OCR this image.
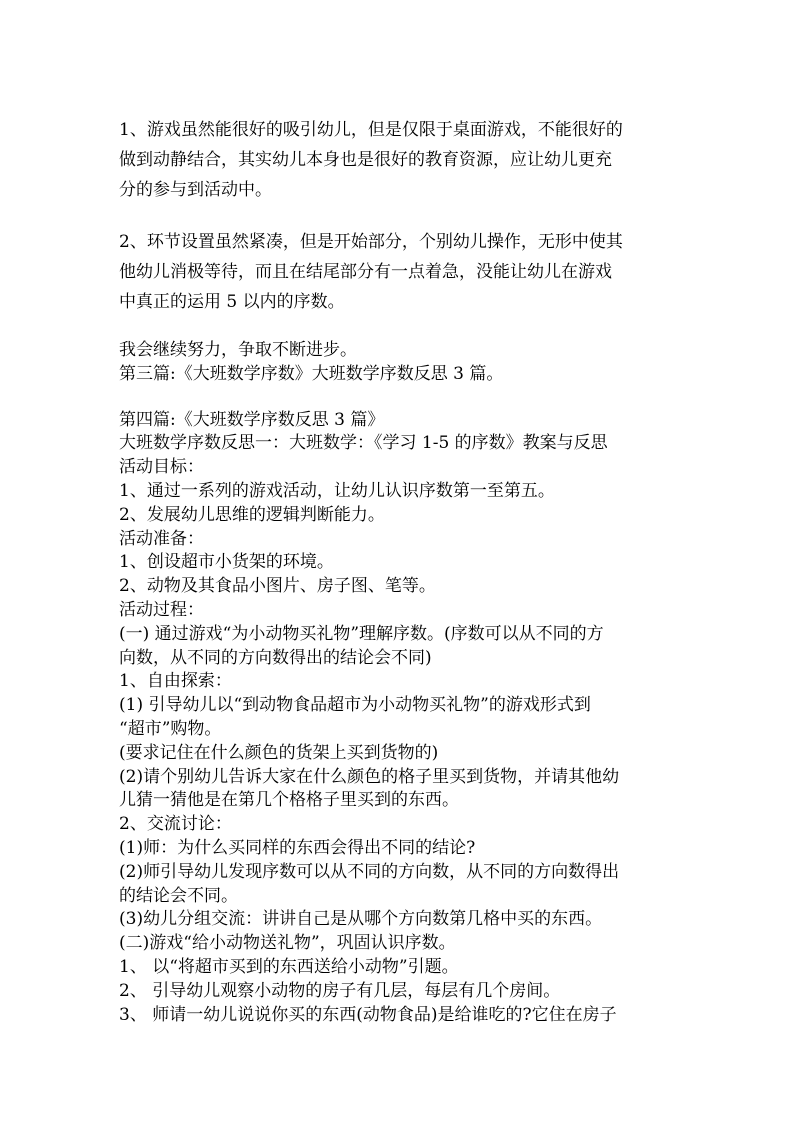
1、游戏虽然能很好的吸引幼儿，但是仅限于桌面游戏，不能很好的

做到动静结合，其实幼儿本身也是很好的教育资源，应让幼儿更充

分的参与到活动中。

2、环节设置虽然紧凑，但是开始部分，个别幼儿操作，无形中使其

他幼儿消极等待，而且在结尾部分有一点着急，没能让幼儿在游戏

中真正的运用 5 以内的序数。

我会继续努力，争取不断进步。

第三篇:《大班数学序数》大班数学序数反思 3 篇。

第四篇:《大班数学序数反思 3 篇》

大班数学序数反思一：大班数学：《学习 1-5 的序数》教案与反思

活动目标：

1、通过一系列的游戏活动，让幼儿认识序数第一至第五。

2、发展幼儿思维的逻辑判断能力。

活动准备：

1、创设超市小货架的环境。

2、动物及其食品小图片、房子图、笔等。

活动过程：

(一) 通过游戏“为小动物买礼物”理解序数。(序数可以从不同的方

向数，从不同的方向数得出的结论会不同)

1、自由探索：

(1) 引导幼儿以“到动物食品超市为小动物买礼物”的游戏形式到

“超市”购物。

(要求记住在什么颜色的货架上买到货物的)

(2)请个别幼儿告诉大家在什么颜色的格子里买到货物，并请其他幼

儿猜一猜他是在第几个格格子里买到的东西。

2、交流讨论：

(1)师：为什么买同样的东西会得出不同的结论?

(2)师引导幼儿发现序数可以从不同的方向数，从不同的方向数得出

的结论会不同。

(3)幼儿分组交流：讲讲自己是从哪个方向数第几格中买的东西。

(二)游戏“给小动物送礼物”，巩固认识序数。

1、 以“将超市买到的东西送给小动物”引题。

2、 引导幼儿观察小动物的房子有几层，每层有几个房间。

3、 师请一幼儿说说你买的东西(动物食品)是给谁吃的?它住在房子
